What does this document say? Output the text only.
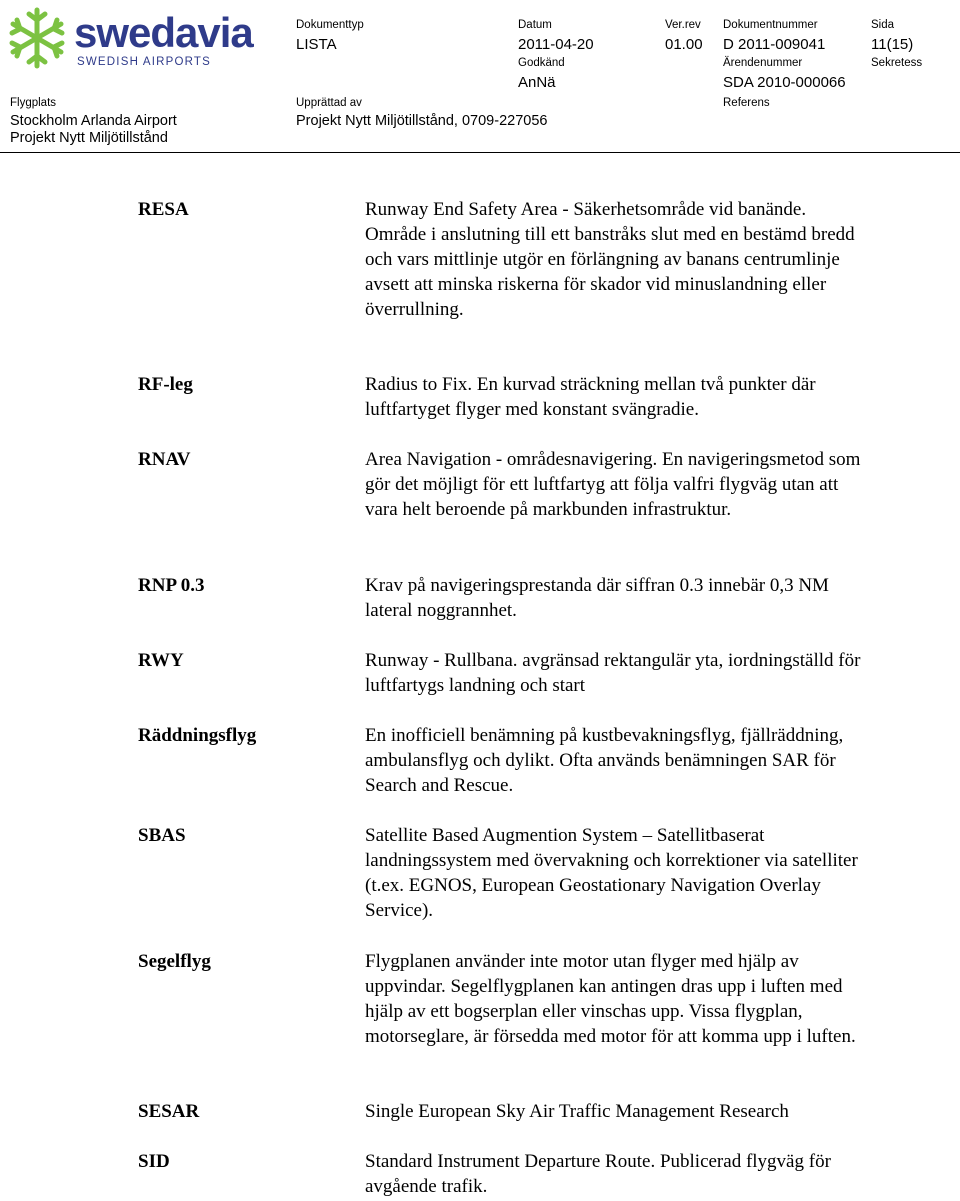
swedavia
SWEDISH AIRPORTS
Dokumenttyp
LISTA
Datum
2011-04-20
Ver.rev
01.00
Dokumentnummer
D 2011-009041
Sida
11(15)
Godkänd
AnNä
Ärendenummer
SDA 2010-000066
Sekretess
Flygplats
Stockholm Arlanda Airport
Projekt Nytt Miljötillstånd
Upprättad av
Projekt Nytt Miljötillstånd, 0709-227056
Referens
RESA	Runway End Safety Area - Säkerhetsområde vid banände. Område i anslutning till ett banstråks slut med en bestämd bredd och vars mittlinje utgör en förlängning av banans centrumlinje avsett att minska riskerna för skador vid minuslandning eller överrullning.

RF-leg	Radius to Fix. En kurvad sträckning mellan två punkter där luftfartyget flyger med konstant svängradie.

RNAV	Area Navigation - områdesnavigering. En navigeringsmetod som gör det möjligt för ett luftfartyg att följa valfri flygväg utan att vara helt beroende på markbunden infrastruktur.

RNP 0.3	Krav på navigeringsprestanda där siffran 0.3 innebär 0,3 NM lateral noggrannhet.

RWY	Runway - Rullbana. avgränsad rektangulär yta, iordningställd för luftfartygs landning och start

Räddningsflyg	En inofficiell benämning på kustbevakningsflyg, fjällräddning, ambulansflyg och dylikt. Ofta används benämningen SAR för Search and Rescue.

SBAS	Satellite Based Augmention System – Satellitbaserat landningssystem med övervakning och korrektioner via satelliter (t.ex. EGNOS, European Geostationary Navigation Overlay Service).

Segelflyg	Flygplanen använder inte motor utan flyger med hjälp av uppvindar. Segelflygplanen kan antingen dras upp i luften med hjälp av ett bogserplan eller vinschas upp. Vissa flygplan, motorseglare, är försedda med motor för att komma upp i luften.

SESAR	Single European Sky Air Traffic Management Research

SID	Standard Instrument Departure Route. Publicerad flygväg för avgående trafik.
